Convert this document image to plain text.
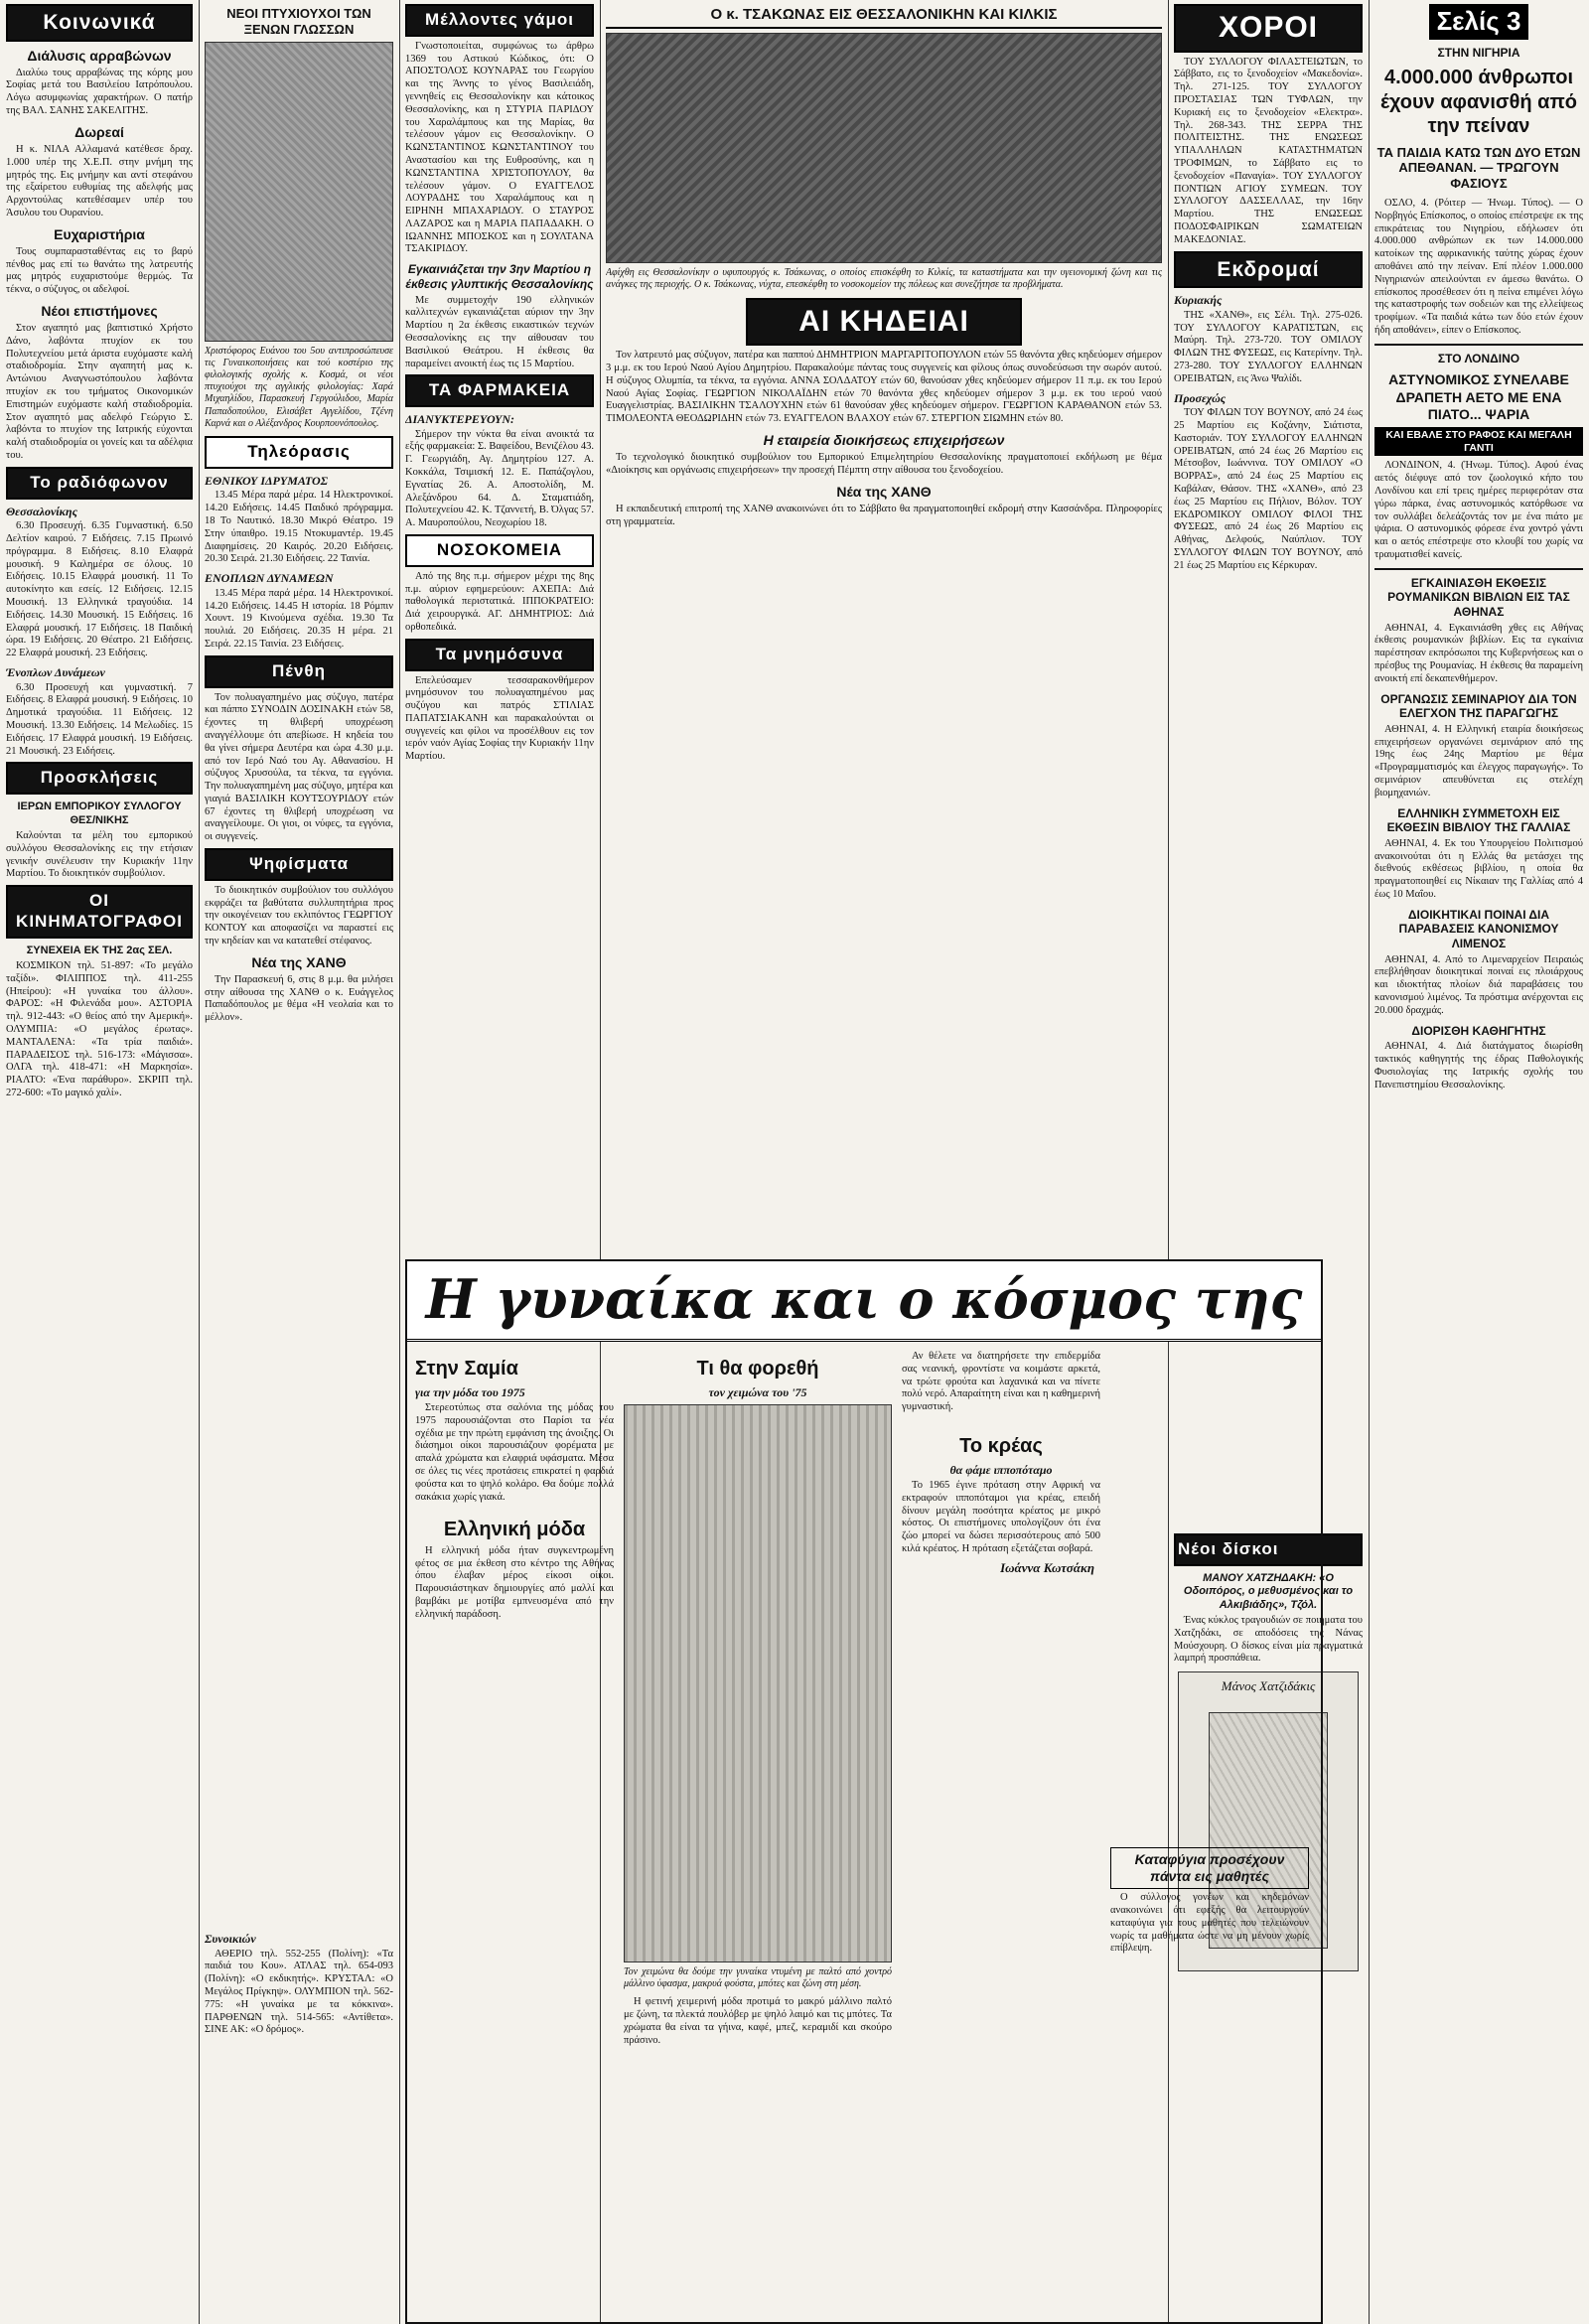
Κοινωνικά
Διάλυσις αρραβώνων

Διαλύω τους αρραβώνας της κόρης μου Σοφίας μετά του Βασιλείου Ιατρόπουλου. Λόγω ασυμφωνίας χαρακτήρων. Ο πατήρ της ΒΑΛ. ΣΑΝΗΣ ΣΑΚΕΛΙΤΗΣ.

Δωρεαί

Η κ. ΝΙΛΑ Αλλαμανά κατέθεσε δραχ. 1.000 υπέρ της Χ.Ε.Π. στην μνήμη της μητρός της. Εις μνήμην και αντί στεφάνου της εξαίρετου ευθυμίας της αδελφής μας Αρχοντούλας κατεθέσαμεν υπέρ του Άσυλου του Ουρανίου.

Ευχαριστήρια

Τους συμπαρασταθέντας εις το βαρύ πένθος μας επί τω θανάτω της λατρευτής μας μητρός ευχαριστούμε θερμώς. Τα τέκνα, ο σύζυγος, οι αδελφοί.

Νέοι επιστήμονες

Στον αγαπητό μας βαπτιστικό Χρήστο Δάνο, λαβόντα πτυχίον εκ του Πολυτεχνείου μετά άριστα ευχόμαστε καλή σταδιοδρομία. Στην αγαπητή μας κ. Αντώνιου Αναγνωστόπουλου λαβόντα πτυχίον εκ του τμήματος Οικονομικών Επιστημών ευχόμαστε καλή σταδιοδρομία. Στον αγαπητό μας αδελφό Γεώργιο Σ. λαβόντα το πτυχίον της Ιατρικής εύχονται καλή σταδιοδρομία οι γονείς και τα αδέλφια του.

Το ραδιόφωνον
Θεσσαλονίκης

6.30 Προσευχή. 6.35 Γυμναστική. 6.50 Δελτίον καιρού. 7 Ειδήσεις. 7.15 Πρωινό πρόγραμμα. 8 Ειδήσεις. 8.10 Ελαφρά μουσική. 9 Καλημέρα σε όλους. 10 Ειδήσεις. 10.15 Ελαφρά μουσική. 11 Το αυτοκίνητο και εσείς. 12 Ειδήσεις. 12.15 Μουσική. 13 Ελληνικά τραγούδια. 14 Ειδήσεις. 14.30 Μουσική. 15 Ειδήσεις. 16 Ελαφρά μουσική. 17 Ειδήσεις. 18 Παιδική ώρα. 19 Ειδήσεις. 20 Θέατρο. 21 Ειδήσεις. 22 Ελαφρά μουσική. 23 Ειδήσεις.

Ένοπλων Δυνάμεων

6.30 Προσευχή και γυμναστική. 7 Ειδήσεις. 8 Ελαφρά μουσική. 9 Ειδήσεις. 10 Δημοτικά τραγούδια. 11 Ειδήσεις. 12 Μουσική. 13.30 Ειδήσεις. 14 Μελωδίες. 15 Ειδήσεις. 17 Ελαφρά μουσική. 19 Ειδήσεις. 21 Μουσική. 23 Ειδήσεις.

Προσκλήσεις
ΙΕΡΩΝ ΕΜΠΟΡΙΚΟΥ ΣΥΛΛΟΓΟΥ ΘΕΣ/ΝΙΚΗΣ

Καλούνται τα μέλη του εμπορικού συλλόγου Θεσσαλονίκης εις την ετήσιαν γενικήν συνέλευσιν την Κυριακήν 11ην Μαρτίου. Το διοικητικόν συμβούλιον.

ΟΙ ΚΙΝΗΜΑΤΟΓΡΑΦΟΙ
ΣΥΝΕΧΕΙΑ ΕΚ ΤΗΣ 2ας ΣΕΛ.

ΚΟΣΜΙΚΟΝ τηλ. 51-897: «Το μεγάλο ταξίδι». ΦΙΛΙΠΠΟΣ τηλ. 411-255 (Ηπείρου): «Η γυναίκα του άλλου». ΦΑΡΟΣ: «Η Φιλενάδα μου». ΑΣΤΟΡΙΑ τηλ. 912-443: «Ο θείος από την Αμερική». ΟΛΥΜΠΙΑ: «Ο μεγάλος έρωτας». ΜΑΝΤΑΛΕΝΑ: «Τα τρία παιδιά». ΠΑΡΑΔΕΙΣΟΣ τηλ. 516-173: «Μάγισσα». ΟΛΓΑ τηλ. 418-471: «Η Μαρκησία». ΡΙΑΛΤΟ: «Ένα παράθυρο». ΣΚΡΙΠ τηλ. 272-600: «Το μαγικό χαλί».

ΝΕΟΙ ΠΤΥΧΙΟΥΧΟΙ ΤΩΝ ΞΕΝΩΝ ΓΛΩΣΣΩΝ
Χριστόφορος Ευάνου του 5ου αντιπροσώπευσε τις Γυναικοποιήσεις και τού κοστέριο της φιλολογικής σχολής κ. Κοσμά, οι νέοι πτυχιούχοι της αγγλικής φιλολογίας: Χαρά Μιχαηλίδου, Παρασκευή Γεργούλιδου, Μαρία Παπαδοπούλου, Ελισάβετ Αγγελίδου, Τζένη Καρνά και ο Αλέξανδρος Κουρπουνόπουλος.
Τηλεόρασις
ΕΘΝΙΚΟΥ ΙΔΡΥΜΑΤΟΣ

13.45 Μέρα παρά μέρα. 14 Ηλεκτρονικοί. 14.20 Ειδήσεις. 14.45 Παιδικό πρόγραμμα. 18 Το Ναυτικό. 18.30 Μικρό Θέατρο. 19 Στην ύπαιθρο. 19.15 Ντοκυμαντέρ. 19.45 Διαφημίσεις. 20 Καιρός. 20.20 Ειδήσεις. 20.30 Σειρά. 21.30 Ειδήσεις. 22 Ταινία.

ΕΝΟΠΛΩΝ ΔΥΝΑΜΕΩΝ

13.45 Μέρα παρά μέρα. 14 Ηλεκτρονικοί. 14.20 Ειδήσεις. 14.45 Η ιστορία. 18 Ρόμπιν Χουντ. 19 Κινούμενα σχέδια. 19.30 Τα πουλιά. 20 Ειδήσεις. 20.35 Η μέρα. 21 Σειρά. 22.15 Ταινία. 23 Ειδήσεις.

Πένθη

Τον πολυαγαπημένο μας σύζυγο, πατέρα και πάππο ΣΥΝΟΔΙΝ ΔΟΣΙΝΑΚΗ ετών 58, έχοντες τη θλιβερή υποχρέωση αναγγέλλουμε ότι απεβίωσε. Η κηδεία του θα γίνει σήμερα Δευτέρα και ώρα 4.30 μ.μ. από τον Ιερό Ναό του Αγ. Αθανασίου. Η σύζυγος Χρυσούλα, τα τέκνα, τα εγγόνια. Την πολυαγαπημένη μας σύζυγο, μητέρα και γιαγιά ΒΑΣΙΛΙΚΗ ΚΟΥΤΣΟΥΡΙΔΟΥ ετών 67 έχοντες τη θλιβερή υποχρέωση να αναγγείλουμε. Οι γιοι, οι νύφες, τα εγγόνια, οι συγγενείς.

Ψηφίσματα

Το διοικητικόν συμβούλιον του συλλόγου εκφράζει τα βαθύτατα συλλυπητήρια προς την οικογένειαν του εκλιπόντος ΓΕΩΡΓΙΟΥ ΚΟΝΤΟΥ και αποφασίζει να παραστεί εις την κηδείαν και να κατατεθεί στέφανος.

Νέα της ΧΑΝΘ

Την Παρασκευή 6, στις 8 μ.μ. θα μιλήσει στην αίθουσα της ΧΑΝΘ ο κ. Ευάγγελος Παπαδόπουλος με θέμα «Η νεολαία και το μέλλον».

Συνοικιών

ΑΘΕΡΙΟ τηλ. 552-255 (Πολίνη): «Τα παιδιά του Κου». ΑΤΛΑΣ τηλ. 654-093 (Πολίνη): «Ο εκδικητής». ΚΡΥΣΤΑΛ: «Ο Μεγάλος Πρίγκηψ». ΟΛΥΜΠΙΟΝ τηλ. 562-775: «Η γυναίκα με τα κόκκινα». ΠΑΡΘΕΝΩΝ τηλ. 514-565: «Αντίθετα». ΣΙΝΕ ΑΚ: «Ο δρόμος».

Μέλλοντες γάμοι

Γνωστοποιείται, συμφώνως τω άρθρω 1369 του Αστικού Κώδικος, ότι: Ο ΑΠΟΣΤΟΛΟΣ ΚΟΥΝΑΡΑΣ του Γεωργίου και της Άννης το γένος Βασιλειάδη, γεννηθείς εις Θεσσαλονίκην και κάτοικος Θεσσαλονίκης, και η ΣΤΥΡΙΑ ΠΑΡΙΔΟΥ του Χαραλάμπους και της Μαρίας, θα τελέσουν γάμον εις Θεσσαλονίκην. Ο ΚΩΝΣΤΑΝΤΙΝΟΣ ΚΩΝΣΤΑΝΤΙΝΟΥ του Αναστασίου και της Ευθροσύνης, και η ΚΩΝΣΤΑΝΤΙΝΑ ΧΡΙΣΤΟΠΟΥΛΟΥ, θα τελέσουν γάμον. Ο ΕΥΑΓΓΕΛΟΣ ΛΟΥΡΑΔΗΣ του Χαραλάμπους και η ΕΙΡΗΝΗ ΜΠΑΧΑΡΙΔΟΥ. Ο ΣΤΑΥΡΟΣ ΛΑΖΑΡΟΣ και η ΜΑΡΙΑ ΠΑΠΑΔΑΚΗ. Ο ΙΩΑΝΝΗΣ ΜΠΟΣΚΟΣ και η ΣΟΥΛΤΑΝΑ ΤΣΑΚΙΡΙΔΟΥ.

Εγκαινιάζεται την 3ην Μαρτίου η έκθεσις γλυπτικής Θεσσαλονίκης

Με συμμετοχήν 190 ελληνικών καλλιτεχνών εγκαινιάζεται αύριον την 3ην Μαρτίου η 2α έκθεσις εικαστικών τεχνών Θεσσαλονίκης εις την αίθουσαν του Βασιλικού Θεάτρου. Η έκθεσις θα παραμείνει ανοικτή έως τις 15 Μαρτίου.

ΤΑ ΦΑΡΜΑΚΕΙΑ
ΔΙΑΝΥΚΤΕΡΕΥΟΥΝ:

Σήμερον την νύκτα θα είναι ανοικτά τα εξής φαρμακεία: Σ. Βαφείδου, Βενιζέλου 43. Γ. Γεωργιάδη, Αγ. Δημητρίου 127. Α. Κοκκάλα, Τσιμισκή 12. Ε. Παπάζογλου, Εγνατίας 26. Α. Αποστολίδη, Μ. Αλεξάνδρου 64. Δ. Σταματιάδη, Πολυτεχνείου 42. Κ. Τζαννετή, Β. Όλγας 57. Α. Μαυροπούλου, Νεοχωρίου 18.

ΝΟΣΟΚΟΜΕΙΑ

Από της 8ης π.μ. σήμερον μέχρι της 8ης π.μ. αύριον εφημερεύουν: ΑΧΕΠΑ: Διά παθολογικά περιστατικά. ΙΠΠΟΚΡΑΤΕΙΟ: Διά χειρουργικά. ΑΓ. ΔΗΜΗΤΡΙΟΣ: Διά ορθοπεδικά.

Τα μνημόσυνα

Επελεύσαμεν τεσσαρακονθήμερον μνημόσυνον του πολυαγαπημένου μας συζύγου και πατρός ΣΤΙΛΙΑΣ ΠΑΠΑΤΣΙΑΚΑΝΗ και παρακαλούνται οι συγγενείς και φίλοι να προσέλθουν εις τον ιερόν ναόν Αγίας Σοφίας την Κυριακήν 11ην Μαρτίου.

Ο κ. ΤΣΑΚΩΝΑΣ ΕΙΣ ΘΕΣΣΑΛΟΝΙΚΗΝ ΚΑΙ ΚΙΛΚΙΣ
Αφίχθη εις Θεσσαλονίκην ο υφυπουργός κ. Τσάκωνας, ο οποίος επισκέφθη το Κιλκίς, τα καταστήματα και την υγειονομική ζώνη και τις ανάγκες της περιοχής. Ο κ. Τσάκωνας, νύχτα, επεσκέφθη το νοσοκομείον της πόλεως και συνεζήτησε τα προβλήματα.
ΑΙ ΚΗΔΕΙΑΙ

Τον λατρευτό μας σύζυγον, πατέρα και παππού ΔΗΜΗΤΡΙΟΝ ΜΑΡΓΑΡΙΤΟΠΟΥΛΟΝ ετών 55 θανόντα χθες κηδεύομεν σήμερον 3 μ.μ. εκ του Ιερού Ναού Αγίου Δημητρίου. Παρακαλούμε πάντας τους συγγενείς και φίλους όπως συνοδεύσωσι την σωρόν αυτού. Η σύζυγος Ολυμπία, τα τέκνα, τα εγγόνια. ΑΝΝΑ ΣΟΛΔΑΤΟΥ ετών 60, θανούσαν χθες κηδεύομεν σήμερον 11 π.μ. εκ του Ιερού Ναού Αγίας Σοφίας. ΓΕΩΡΓΙΟΝ ΝΙΚΟΛΑΪΔΗΝ ετών 70 θανόντα χθες κηδεύομεν σήμερον 3 μ.μ. εκ του ιερού ναού Ευαγγελιστρίας. ΒΑΣΙΛΙΚΗΝ ΤΣΑΛΟΥΧΗΝ ετών 61 θανούσαν χθες κηδεύομεν σήμερον. ΓΕΩΡΓΙΟΝ ΚΑΡΑΘΑΝΟΝ ετών 53. ΤΙΜΟΛΕΟΝΤΑ ΘΕΟΔΩΡΙΔΗΝ ετών 73. ΕΥΑΓΓΕΛΟΝ ΒΛΑΧΟΥ ετών 67. ΣΤΕΡΓΙΟΝ ΣΙΩΜΗΝ ετών 80.

Η εταιρεία διοικήσεως επιχειρήσεων

Το τεχνολογικό διοικητικό συμβούλιον του Εμπορικού Επιμελητηρίου Θεσσαλονίκης πραγματοποιεί εκδήλωση με θέμα «Διοίκησις και οργάνωσις επιχειρήσεων» την προσεχή Πέμπτη στην αίθουσα του ξενοδοχείου.

Νέα της ΧΑΝΘ

Η εκπαιδευτική επιτροπή της ΧΑΝΘ ανακοινώνει ότι το Σάββατο θα πραγματοποιηθεί εκδρομή στην Κασσάνδρα. Πληροφορίες στη γραμματεία.

ΧΟΡΟΙ

ΤΟΥ ΣΥΛΛΟΓΟΥ ΦΙΛΑΣΤΕΙΩΤΩΝ, το Σάββατο, εις το ξενοδοχείον «Μακεδονία». Τηλ. 271-125. ΤΟΥ ΣΥΛΛΟΓΟΥ ΠΡΟΣΤΑΣΙΑΣ ΤΩΝ ΤΥΦΛΩΝ, την Κυριακή εις το ξενοδοχείον «Ελεκτρα». Τηλ. 268-343. ΤΗΣ ΣΕΡΡΑ ΤΗΣ ΠΟΛΙΤΕΙΣΤΗΣ. ΤΗΣ ΕΝΩΣΕΩΣ ΥΠΑΛΛΗΛΩΝ ΚΑΤΑΣΤΗΜΑΤΩΝ ΤΡΟΦΙΜΩΝ, το Σάββατο εις το ξενοδοχείον «Παναγία». ΤΟΥ ΣΥΛΛΟΓΟΥ ΠΟΝΤΙΩΝ ΑΓΙΟΥ ΣΥΜΕΩΝ. ΤΟΥ ΣΥΛΛΟΓΟΥ ΔΑΣΣΕΛΛΑΣ, την 16ην Μαρτίου. ΤΗΣ ΕΝΩΣΕΩΣ ΠΟΔΟΣΦΑΙΡΙΚΩΝ ΣΩΜΑΤΕΙΩΝ ΜΑΚΕΔΟΝΙΑΣ.

Εκδρομαί
Κυριακής

ΤΗΣ «ΧΑΝΘ», εις Σέλι. Τηλ. 275-026. ΤΟΥ ΣΥΛΛΟΓΟΥ ΚΑΡΑΤΙΣΤΩΝ, εις Μαύρη. Τηλ. 273-720. ΤΟΥ ΟΜΙΛΟΥ ΦΙΛΩΝ ΤΗΣ ΦΥΣΕΩΣ, εις Κατερίνην. Τηλ. 273-280. ΤΟΥ ΣΥΛΛΟΓΟΥ ΕΛΛΗΝΩΝ ΟΡΕΙΒΑΤΩΝ, εις Άνω Ψαλίδι.

Προσεχώς

ΤΟΥ ΦΙΛΩΝ ΤΟΥ ΒΟΥΝΟΥ, από 24 έως 25 Μαρτίου εις Κοζάνην, Σιάτιστα, Καστοριάν. ΤΟΥ ΣΥΛΛΟΓΟΥ ΕΛΛΗΝΩΝ ΟΡΕΙΒΑΤΩΝ, από 24 έως 26 Μαρτίου εις Μέτσοβον, Ιωάννινα. ΤΟΥ ΟΜΙΛΟΥ «Ο ΒΟΡΡΑΣ», από 24 έως 25 Μαρτίου εις Καβάλαν, Θάσον. ΤΗΣ «ΧΑΝΘ», από 23 έως 25 Μαρτίου εις Πήλιον, Βόλον. ΤΟΥ ΕΚΔΡΟΜΙΚΟΥ ΟΜΙΛΟΥ ΦΙΛΟΙ ΤΗΣ ΦΥΣΕΩΣ, από 24 έως 26 Μαρτίου εις Αθήνας, Δελφούς, Ναύπλιον. ΤΟΥ ΣΥΛΛΟΓΟΥ ΦΙΛΩΝ ΤΟΥ ΒΟΥΝΟΥ, από 21 έως 25 Μαρτίου εις Κέρκυραν.

Νέοι δίσκοι
ΜΑΝΟΥ ΧΑΤΖΗΔΑΚΗ: «Ο Οδοιπόρος, ο μεθυσμένος και το Αλκιβιάδης», Τζόλ.

Ένας κύκλος τραγουδιών σε ποιήματα του Χατζηδάκι, σε αποδόσεις της Νάνας Μούσχουρη. Ο δίσκος είναι μία πραγματικά λαμπρή προσπάθεια.

Μάνος Χατζιδάκις
Σελίς 3
ΣΤΗΝ ΝΙΓΗΡΙΑ
4.000.000 άνθρωποι έχουν αφανισθή από την πείναν
ΤΑ ΠΑΙΔΙΑ ΚΑΤΩ ΤΩΝ ΔΥΟ ΕΤΩΝ ΑΠΕΘΑΝΑΝ. — ΤΡΩΓΟΥΝ ΦΑΣΙΟΥΣ

ΟΣΛΟ, 4. (Ρόιτερ — Ήνωμ. Τύπος). — Ο Νορβηγός Επίσκοπος, ο οποίος επέστρεψε εκ της επικράτειας του Νιγηρίου, εδήλωσεν ότι 4.000.000 ανθρώπων εκ των 14.000.000 κατοίκων της αφρικανικής ταύτης χώρας έχουν αποθάνει από την πείναν. Επί πλέον 1.000.000 Νιγηριανών απειλούνται εν άμεσω θανάτω. Ο επίσκοπος προσέθεσεν ότι η πείνα επιμένει λόγω της καταστροφής των σοδειών και της ελλείψεως τροφίμων. «Τα παιδιά κάτω των δύο ετών έχουν ήδη αποθάνει», είπεν ο Επίσκοπος.

ΣΤΟ ΛΟΝΔΙΝΟ
ΑΣΤΥΝΟΜΙΚΟΣ ΣΥΝΕΛΑΒΕ ΔΡΑΠΕΤΗ ΑΕΤΟ ΜΕ ΕΝΑ ΠΙΑΤΟ... ΨΑΡΙΑ
ΚΑΙ ΕΒΑΛΕ ΣΤΟ ΡΑΦΟΣ ΚΑΙ ΜΕΓΑΛΗ ΓΑΝΤΙ

ΛΟΝΔΙΝΟΝ, 4. (Ήνωμ. Τύπος). Αφού ένας αετός διέφυγε από τον ζωολογικό κήπο του Λονδίνου και επί τρεις ημέρες περιφερόταν στα γύρω πάρκα, ένας αστυνομικός κατόρθωσε να τον συλλάβει δελεάζοντάς τον με ένα πιάτο με ψάρια. Ο αστυνομικός φόρεσε ένα χοντρό γάντι και ο αετός επέστρεψε στο κλουβί του χωρίς να τραυματισθεί κανείς.

ΕΓΚΑΙΝΙΑΣΘΗ ΕΚΘΕΣΙΣ ΡΟΥΜΑΝΙΚΩΝ ΒΙΒΛΙΩΝ ΕΙΣ ΤΑΣ ΑΘΗΝΑΣ

ΑΘΗΝΑΙ, 4. Εγκαινιάσθη χθες εις Αθήνας έκθεσις ρουμανικών βιβλίων. Εις τα εγκαίνια παρέστησαν εκπρόσωποι της Κυβερνήσεως και ο πρέσβυς της Ρουμανίας. Η έκθεσις θα παραμείνη ανοικτή επί δεκαπενθήμερον.

ΟΡΓΑΝΩΣΙΣ ΣΕΜΙΝΑΡΙΟΥ ΔΙΑ ΤΟΝ ΕΛΕΓΧΟΝ ΤΗΣ ΠΑΡΑΓΩΓΗΣ

ΑΘΗΝΑΙ, 4. Η Ελληνική εταιρία διοικήσεως επιχειρήσεων οργανώνει σεμινάριον από της 19ης έως 24ης Μαρτίου με θέμα «Προγραμματισμός και έλεγχος παραγωγής». Το σεμινάριον απευθύνεται εις στελέχη βιομηχανιών.

ΕΛΛΗΝΙΚΗ ΣΥΜΜΕΤΟΧΗ ΕΙΣ ΕΚΘΕΣΙΝ ΒΙΒΛΙΟΥ ΤΗΣ ΓΑΛΛΙΑΣ

ΑΘΗΝΑΙ, 4. Εκ του Υπουργείου Πολιτισμού ανακοινούται ότι η Ελλάς θα μετάσχει της διεθνούς εκθέσεως βιβλίου, η οποία θα πραγματοποιηθεί εις Νίκαιαν της Γαλλίας από 4 έως 10 Μαΐου.

ΔΙΟΙΚΗΤΙΚΑΙ ΠΟΙΝΑΙ ΔΙΑ ΠΑΡΑΒΑΣΕΙΣ ΚΑΝΟΝΙΣΜΟΥ ΛΙΜΕΝΟΣ

ΑΘΗΝΑΙ, 4. Από το Λιμεναρχείον Πειραιώς επεβλήθησαν διοικητικαί ποιναί εις πλοιάρχους και ιδιοκτήτας πλοίων διά παραβάσεις του κανονισμού λιμένος. Τα πρόστιμα ανέρχονται εις 20.000 δραχμάς.

ΔΙΟΡΙΣΘΗ ΚΑΘΗΓΗΤΗΣ

ΑΘΗΝΑΙ, 4. Διά διατάγματος διωρίσθη τακτικός καθηγητής της έδρας Παθολογικής Φυσιολογίας της Ιατρικής σχολής του Πανεπιστημίου Θεσσαλονίκης.

Η γυναίκα και ο κόσμος της
Στην Σαμία
για την μόδα του 1975

Στερεοτύπως στα σαλόνια της μόδας του 1975 παρουσιάζονται στο Παρίσι τα νέα σχέδια με την πρώτη εμφάνιση της άνοιξης. Οι διάσημοι οίκοι παρουσιάζουν φορέματα με απαλά χρώματα και ελαφριά υφάσματα. Μέσα σε όλες τις νέες προτάσεις επικρατεί η φαρδιά φούστα και το ψηλό κολάρο. Θα δούμε πολλά σακάκια χωρίς γιακά.

Ελληνική μόδα

Η ελληνική μόδα ήταν συγκεντρωμένη φέτος σε μια έκθεση στο κέντρο της Αθήνας όπου έλαβαν μέρος είκοσι οίκοι. Παρουσιάστηκαν δημιουργίες από μαλλί και βαμβάκι με μοτίβα εμπνευσμένα από την ελληνική παράδοση.

Τι θα φορεθή
τον χειμώνα του '75
Τον χειμώνα θα δούμε την γυναίκα ντυμένη με παλτό από χοντρό μάλλινο ύφασμα, μακρυά φούστα, μπότες και ζώνη στη μέση.

Η φετινή χειμερινή μόδα προτιμά το μακρύ μάλλινο παλτό με ζώνη, τα πλεκτά πουλόβερ με ψηλό λαιμό και τις μπότες. Τα χρώματα θα είναι τα γήινα, καφέ, μπεζ, κεραμιδί και σκούρο πράσινο.

Αν θέλετε να διατηρήσετε την επιδερμίδα σας νεανική, φροντίστε να κοιμάστε αρκετά, να τρώτε φρούτα και λαχανικά και να πίνετε πολύ νερό. Απαραίτητη είναι και η καθημερινή γυμναστική.

Το κρέας
θα φάμε ιπποπόταμο

Το 1965 έγινε πρόταση στην Αφρική να εκτραφούν ιπποπόταμοι για κρέας, επειδή δίνουν μεγάλη ποσότητα κρέατος με μικρό κόστος. Οι επιστήμονες υπολογίζουν ότι ένα ζώο μπορεί να δώσει περισσότερους από 500 κιλά κρέατος. Η πρόταση εξετάζεται σοβαρά.

Ιωάννα Κωτσάκη
Καταφύγια προσέχουν πάντα εις μαθητές

Ο σύλλογος γονέων και κηδεμόνων ανακοινώνει ότι εφεξής θα λειτουργούν καταφύγια για τους μαθητές που τελειώνουν νωρίς τα μαθήματα ώστε να μη μένουν χωρίς επίβλεψη.
